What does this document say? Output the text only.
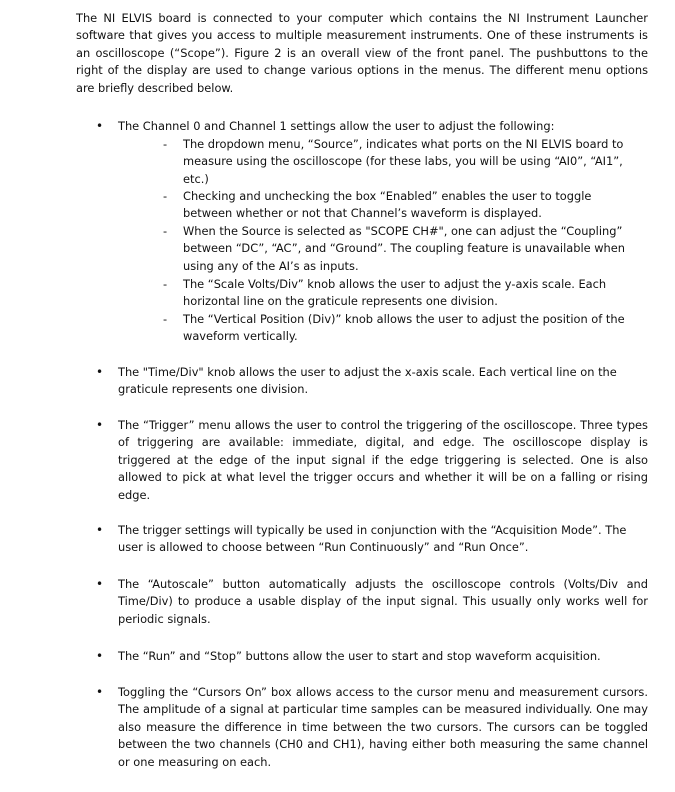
The NI ELVIS board is connected to your computer which contains the NI Instrument Launcher software that gives you access to multiple measurement instruments. One of these instruments is an oscilloscope (“Scope”). Figure 2 is an overall view of the front panel. The pushbuttons to the right of the display are used to change various options in the menus. The different menu options are briefly described below.

• The Channel 0 and Channel 1 settings allow the user to adjust the following:
- The dropdown menu, “Source”, indicates what ports on the NI ELVIS board to measure using the oscilloscope (for these labs, you will be using “AI0”, “AI1”, etc.)
- Checking and unchecking the box “Enabled” enables the user to toggle between whether or not that Channel’s waveform is displayed.
- When the Source is selected as "SCOPE CH#", one can adjust the “Coupling” between “DC”, “AC”, and “Ground”. The coupling feature is unavailable when using any of the AI’s as inputs.
- The “Scale Volts/Div” knob allows the user to adjust the y-axis scale. Each horizontal line on the graticule represents one division.
- The “Vertical Position (Div)” knob allows the user to adjust the position of the waveform vertically.
• The "Time/Div" knob allows the user to adjust the x-axis scale. Each vertical line on the graticule represents one division.
• The “Trigger” menu allows the user to control the triggering of the oscilloscope. Three types of triggering are available: immediate, digital, and edge. The oscilloscope display is triggered at the edge of the input signal if the edge triggering is selected. One is also allowed to pick at what level the trigger occurs and whether it will be on a falling or rising edge.
• The trigger settings will typically be used in conjunction with the “Acquisition Mode”. The user is allowed to choose between “Run Continuously” and “Run Once”.
• The “Autoscale” button automatically adjusts the oscilloscope controls (Volts/Div and Time/Div) to produce a usable display of the input signal. This usually only works well for periodic signals.
• The “Run” and “Stop” buttons allow the user to start and stop waveform acquisition.
• Toggling the “Cursors On” box allows access to the cursor menu and measurement cursors. The amplitude of a signal at particular time samples can be measured individually. One may also measure the difference in time between the two cursors. The cursors can be toggled between the two channels (CH0 and CH1), having either both measuring the same channel or one measuring on each.
